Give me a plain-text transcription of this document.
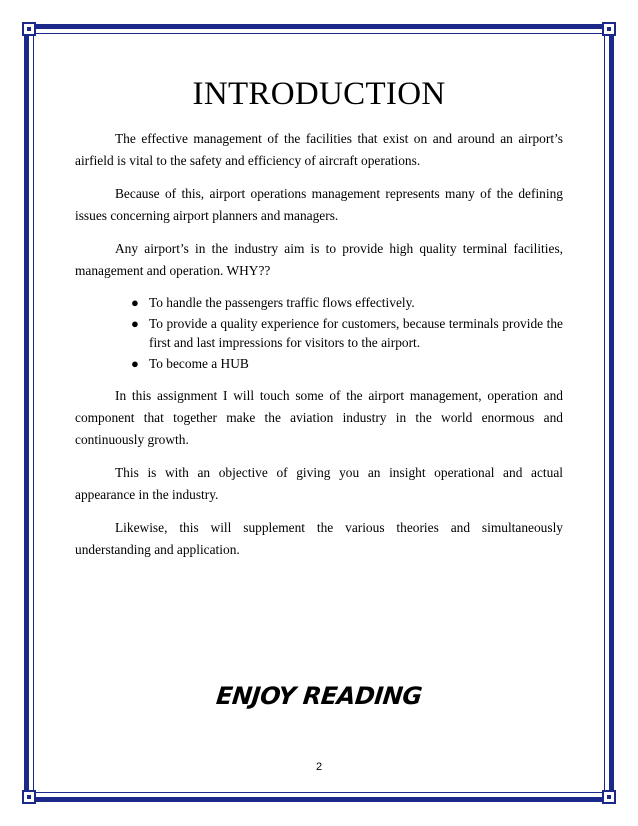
INTRODUCTION

The effective management of the facilities that exist on and around an airport’s airfield is vital to the safety and efficiency of aircraft operations.

Because of this, airport operations management represents many of the defining issues concerning airport planners and managers.

Any airport’s in the industry aim is to provide high quality terminal facilities, management and operation. WHY??

● To handle the passengers traffic flows effectively.
● To provide a quality experience for customers, because terminals provide the first and last impressions for visitors to the airport.
● To become a HUB

In this assignment I will touch some of the airport management, operation and component that together make the aviation industry in the world enormous and continuously growth.

This is with an objective of giving you an insight operational and actual appearance in the industry.

Likewise, this will supplement the various theories and simultaneously understanding and application.

ENJOY READING
2
